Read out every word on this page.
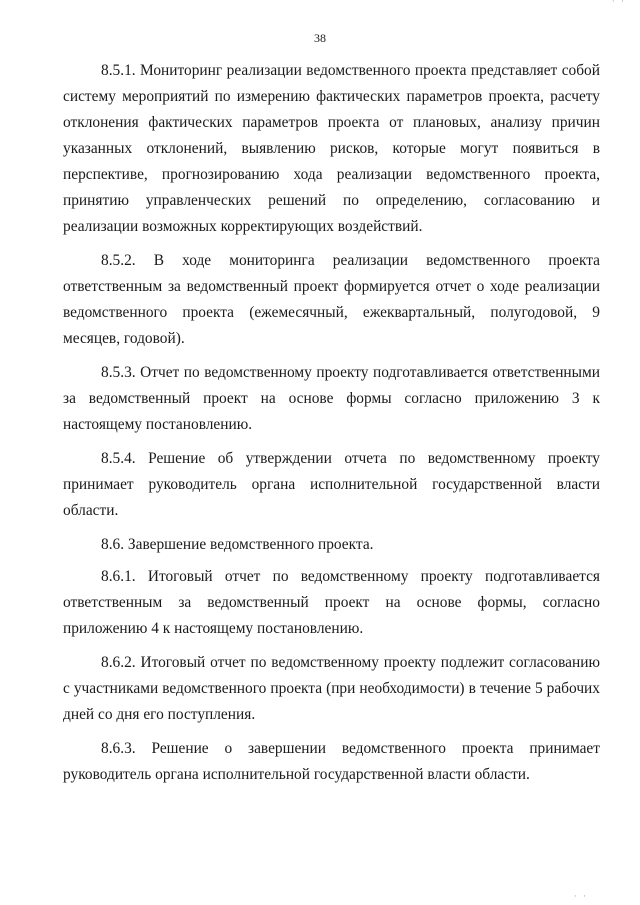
· ·
38

8.5.1. Мониторинг реализации ведомственного проекта представляет собой систему мероприятий по измерению фактических параметров проекта, расчету отклонения фактических параметров проекта от плановых, анализу причин указанных отклонений, выявлению рисков, которые могут появиться в перспективе, прогнозированию хода реализации ведомственного проекта, принятию управленческих решений по определению, согласованию и реализации возможных корректирующих воздействий.

8.5.2. В ходе мониторинга реализации ведомственного проекта ответственным за ведомственный проект формируется отчет о ходе реализации ведомственного проекта (ежемесячный, ежеквартальный, полугодовой, 9 месяцев, годовой).

8.5.3. Отчет по ведомственному проекту подготавливается ответственными за ведомственный проект на основе формы согласно приложению 3 к настоящему постановлению.

8.5.4. Решение об утверждении отчета по ведомственному проекту принимает руководитель органа исполнительной государственной власти области.

8.6. Завершение ведомственного проекта.

8.6.1. Итоговый отчет по ведомственному проекту подготавливается ответственным за ведомственный проект на основе формы, согласно приложению 4 к настоящему постановлению.

8.6.2. Итоговый отчет по ведомственному проекту подлежит согласованию с участниками ведомственного проекта (при необходимости) в течение 5 рабочих дней со дня его поступления.

8.6.3. Решение о завершении ведомственного проекта принимает руководитель органа исполнительной государственной власти области.

· ·
